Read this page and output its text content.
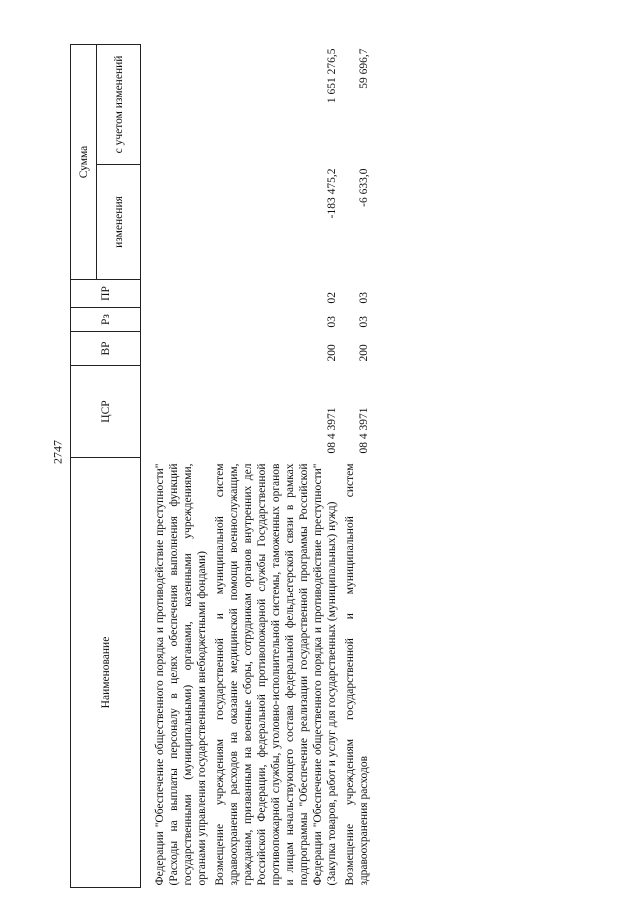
2747
Наименование	ЦСР	ВР	Рз	ПР	Сумма	
					изменения	с учетом изменений

Федерации "Обеспечение общественного порядка и противодействие преступности" (Расходы на выплаты персоналу в целях обеспечения выполнения функций государственными (муниципальными) органами, казенными учреждениями, органами управления государственными внебюджетными фондами)						
Возмещение учреждениям государственной и муниципальной систем здравоохранения расходов на оказание медицинской помощи военнослужащим, гражданам, призванным на военные сборы, сотрудникам органов внутренних дел Российской Федерации, федеральной противопожарной службы Государственной противопожарной службы, уголовно-исполнительной системы, таможенных органов и лицам начальствующего состава федеральной фельдъегерской связи в рамках подпрограммы "Обеспечение реализации государственной программы Российской Федерации "Обеспечение общественного порядка и противодействие преступности" (Закупка товаров, работ и услуг для государственных (муниципальных) нужд)	08 4 3971	200	03	02	-183 475,2	1 651 276,5
Возмещение учреждениям государственной и муниципальной систем здравоохранения расходов	08 4 3971	200	03	03	-6 633,0	59 696,7
